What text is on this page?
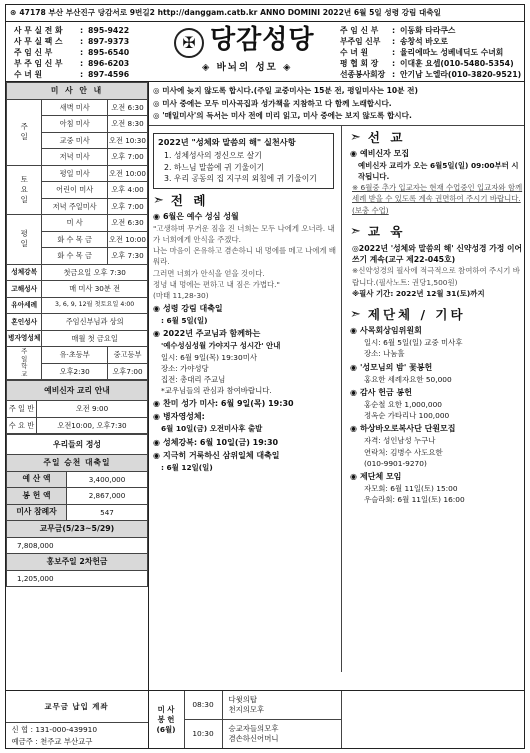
⊛ 47178 부산 부산진구 당감서로 9번길2 http://danggam.catb.kr ANNO DOMINI 2022년 6월 5일 성령 강림 대축일
사 무 실 전 화	: 895-9422
사 무 실 팩 스	: 897-9373
주 임 신 부	: 895-6540
부 주 임 신 부	: 896-6203
수 녀 원	: 897-4596
✠ 당감성당
◈ 바뇌의 성모 ◈
주 임 신 부	: 이동화 타라쿠스
부주임 신부	: 송창석 바오로
수 녀 원	: 율리에따노 성베네딕도 수녀회
평 협 회 장	: 이대훈 요셉(010-5480-5354)
선종봉사회장 : 안기남 노엘라(010-3820-9521)
미 사 안 내		
주
일	새벽 미사	오전 6:30
	아침 미사	오전 8:30
	교중 미사	오전 10:30
	저녁 미사	오후 7:00
토
요
일	평일 미사	오전 10:00
	어린이 미사	오후 4:00
	저녁 주일미사	오후 7:00
평
일	미 사	오전 6:30
	화 수 목 금	오전 10:00
	화 수 목 금	오후 7:30
성체강복	첫금요일 오후 7:30	
고해성사	매 미사 30분 전	
유아세례	3, 6, 9, 12월 첫토요일 4:00	
혼인성사	주임신부님과 상의	
병자영성체	매월 첫 금요일	
주
일
학
교	유·초등부	중고등부
	오후2:30	오후7:00
예비신자 교리 안내	
주 일 반	오전 9:00
수 요 반	오전10:00, 오후7:30
우리들의 정성	
주일 승천 대축일	
예 산 액	3,400,000
봉 헌 액	2,867,000
미사 참례자	547
교무금(5/23~5/29)	
7,808,000	
홍보주일 2차헌금	
1,205,000	
◎ 미사에 늦지 않도록 합시다.(주일 교중미사는 15분 전, 평일미사는 10분 전)
◎ 미사 중에는 모두 미사곡집과 성가책을 지참하고 다 함께 노래합시다.
◎ '매일미사'의 독서는 미사 전에 미리 읽고, 미사 중에는 보지 않도록 합시다.
2022년 "성체와 말씀의 해" 실천사항
1. 성체성사의 정신으로 살기
2. 하느님 말씀에 귀 기울이기
3. 우리 공동의 집 지구의 외침에 귀 기울이기
➣ 전 례
◉ 6월은 예수 성심 성월
"고생하며 무거운 짐을 진 너희는 모두 나에게 오너라. 내가 너희에게 안식을 주겠다.
나는 마음이 온유하고 겸손하니 내 멍에를 메고 나에게 배워라.
그러면 너희가 안식을 얻을 것이다.
정녕 내 멍에는 편하고 내 짐은 가볍다."
(마태 11,28-30)
◉ 성령 강림 대축일
: 6월 5일(일)
◉ 2022년 주교님과 함께하는
'예수성심성월 가야지구 성시간' 안내
일시: 6월 9일(목) 19:30미사
장소: 가야성당
집전: 총대리 주교님
*교우님들의 관심과 참여바랍니다.
◉ 찬미 성가 미사: 6월 9일(목) 19:30
◉ 병자영성체:
6월 10일(금) 오전미사후 출발
◉ 성체강복: 6월 10일(금) 19:30
◉ 지극히 거룩하신 삼위일체 대축일
: 6월 12일(일)
➣ 선 교
◉ 예비신자 모집
예비신자 교리가 오는 6월5일(일) 09:00부터 시작됩니다.
※ 6월중 추가 입교자는 현재 수업중인 입교자와 함께 세례 받을 수 있도록 계속 권면하여 주시기 바랍니다.(보충 수업)
➣ 교 육
◎2022년 '성체와 말씀의 해' 신약성경 가정 이어쓰기 계속(교구 제22-045호)
※신약성경의 필사에 적극적으로 참여하여 주시기 바랍니다.(필사노트: 권당1,500원)
※필사 기간: 2022년 12월 31(토)까지
➣ 제단체 / 기타
◉ 사목회상임위원회
일시: 6월 5일(일) 교중 미사후
장소: 나눔홀
◉ '성모님의 밤' 꽃봉헌
홍요한 세례자요한 50,000
◉ 감사 헌금 봉헌
홍순철 요한 1,000,000
정옥순 가타리나 100,000
◉ 하상바오로복사단 단원모집
자격: 성인남성 누구나
연락처: 김병수 사도요한
(010-9901-9270)
◉ 제단체 모임
자모회: 6월 11일(토) 15:00
우슬라회: 6월 11일(토) 16:00
교무금 납입 계좌
신 협 : 131-000-439910
예금주 : 천주교 부산교구
미 사
봉 헌
(6월)
08:30
다윗의탑
천지의모후
10:30
승교자들의모후
겸손하신어머니
